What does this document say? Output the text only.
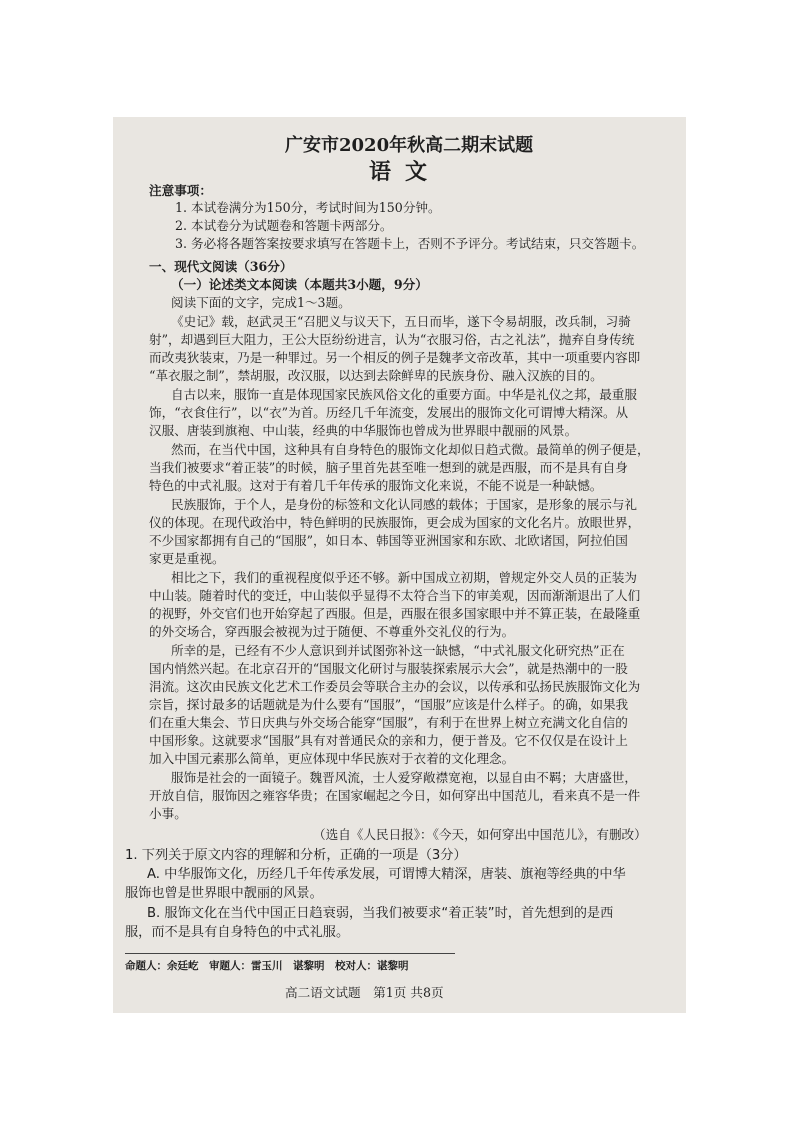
广安市2020年秋高二期末试题
语文
注意事项：
1. 本试卷满分为150分，考试时间为150分钟。
2. 本试卷分为试题卷和答题卡两部分。
3. 务必将各题答案按要求填写在答题卡上，否则不予评分。考试结束，只交答题卡。
一、现代文阅读（36分）
（一）论述类文本阅读（本题共3小题，9分）
阅读下面的文字，完成1～3题。
《史记》载，赵武灵王“召肥义与议天下，五日而毕，遂下令易胡服，改兵制，习骑
射”，却遇到巨大阻力，王公大臣纷纷进言，认为“衣服习俗，古之礼法”，抛弃自身传统
而改夷狄装束，乃是一种罪过。另一个相反的例子是魏孝文帝改革，其中一项重要内容即
“革衣服之制”，禁胡服，改汉服，以达到去除鲜卑的民族身份、融入汉族的目的。
自古以来，服饰一直是体现国家民族风俗文化的重要方面。中华是礼仪之邦，最重服
饰，“衣食住行”，以“衣”为首。历经几千年流变，发展出的服饰文化可谓博大精深。从
汉服、唐装到旗袍、中山装，经典的中华服饰也曾成为世界眼中靓丽的风景。
然而，在当代中国，这种具有自身特色的服饰文化却似日趋式微。最简单的例子便是，
当我们被要求“着正装”的时候，脑子里首先甚至唯一想到的就是西服，而不是具有自身
特色的中式礼服。这对于有着几千年传承的服饰文化来说，不能不说是一种缺憾。
民族服饰，于个人，是身份的标签和文化认同感的载体；于国家，是形象的展示与礼
仪的体现。在现代政治中，特色鲜明的民族服饰，更会成为国家的文化名片。放眼世界，
不少国家都拥有自己的“国服”，如日本、韩国等亚洲国家和东欧、北欧诸国，阿拉伯国
家更是重视。
相比之下，我们的重视程度似乎还不够。新中国成立初期，曾规定外交人员的正装为
中山装。随着时代的变迁，中山装似乎显得不太符合当下的审美观，因而渐渐退出了人们
的视野，外交官们也开始穿起了西服。但是，西服在很多国家眼中并不算正装，在最隆重
的外交场合，穿西服会被视为过于随便、不尊重外交礼仪的行为。
所幸的是，已经有不少人意识到并试图弥补这一缺憾，“中式礼服文化研究热”正在
国内悄然兴起。在北京召开的“国服文化研讨与服装探索展示大会”，就是热潮中的一股
涓流。这次由民族文化艺术工作委员会等联合主办的会议，以传承和弘扬民族服饰文化为
宗旨，探讨最多的话题就是为什么要有“国服”，“国服”应该是什么样子。的确，如果我
们在重大集会、节日庆典与外交场合能穿“国服”，有利于在世界上树立充满文化自信的
中国形象。这就要求“国服”具有对普通民众的亲和力，便于普及。它不仅仅是在设计上
加入中国元素那么简单，更应体现中华民族对于衣着的文化理念。
服饰是社会的一面镜子。魏晋风流，士人爱穿敞襟宽袍，以显自由不羁；大唐盛世，
开放自信，服饰因之雍容华贵；在国家崛起之今日，如何穿出中国范儿，看来真不是一件
小事。
（选自《人民日报》：《今天，如何穿出中国范儿》，有删改）
1. 下列关于原文内容的理解和分析，正确的一项是（3分）
A. 中华服饰文化，历经几千年传承发展，可谓博大精深，唐装、旗袍等经典的中华
服饰也曾是世界眼中靓丽的风景。
B. 服饰文化在当代中国正日趋衰弱，当我们被要求“着正装”时，首先想到的是西
服，而不是具有自身特色的中式礼服。
命题人：余廷屹　审题人：雷玉川　谌黎明　校对人：谌黎明
高二语文试题　第1页 共8页
